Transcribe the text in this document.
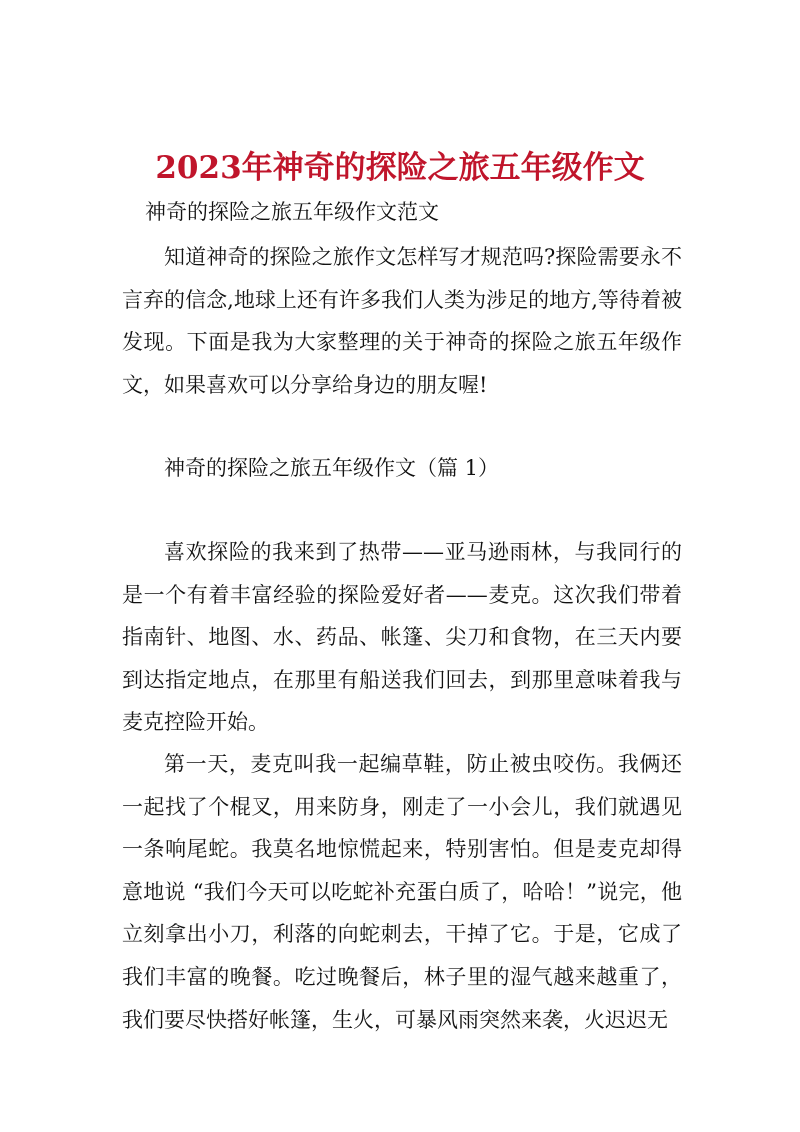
2023年神奇的探险之旅五年级作文
神奇的探险之旅五年级作文范文

知道神奇的探险之旅作文怎样写才规范吗?探险需要永不言弃的信念,地球上还有许多我们人类为涉足的地方,等待着被发现。下面是我为大家整理的关于神奇的探险之旅五年级作文，如果喜欢可以分享给身边的朋友喔!

神奇的探险之旅五年级作文（篇 1）

喜欢探险的我来到了热带——亚马逊雨林，与我同行的是一个有着丰富经验的探险爱好者——麦克。这次我们带着指南针、地图、水、药品、帐篷、尖刀和食物，在三天内要到达指定地点，在那里有船送我们回去，到那里意味着我与麦克控险开始。

第一天，麦克叫我一起编草鞋，防止被虫咬伤。我俩还一起找了个棍叉，用来防身，刚走了一小会儿，我们就遇见一条响尾蛇。我莫名地惊慌起来，特别害怕。但是麦克却得意地说 “我们今天可以吃蛇补充蛋白质了，哈哈！”说完，他立刻拿出小刀，利落的向蛇刺去，干掉了它。于是，它成了我们丰富的晚餐。吃过晚餐后，林子里的湿气越来越重了，我们要尽快搭好帐篷，生火，可暴风雨突然来袭，火迟迟无
